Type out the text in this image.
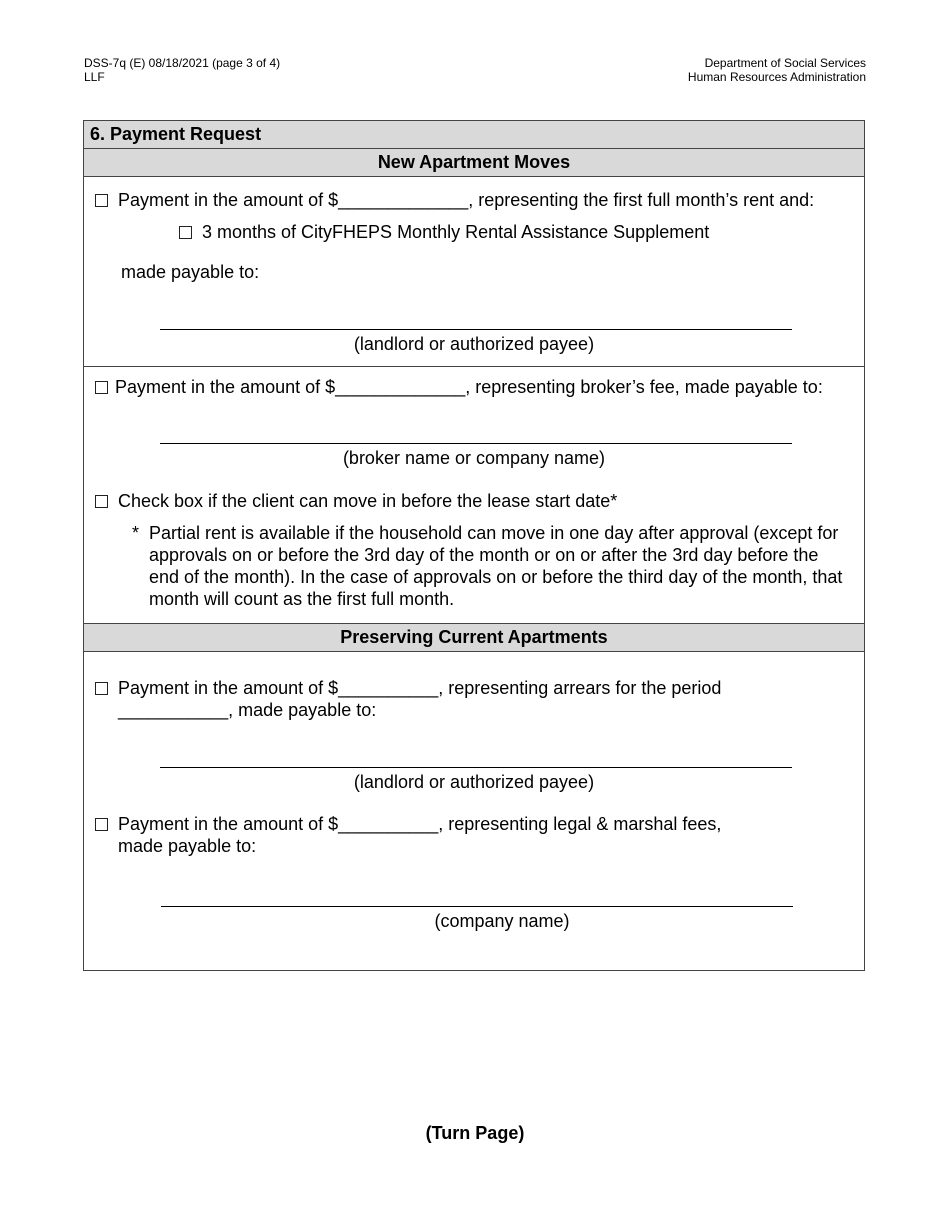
DSS-7q (E) 08/18/2021 (page 3 of 4)
LLF
Department of Social Services
Human Resources Administration
6. Payment Request
New Apartment Moves
Payment in the amount of $_____________, representing the first full month’s rent and:
3 months of CityFHEPS Monthly Rental Assistance Supplement
made payable to:
(landlord or authorized payee)
Payment in the amount of $_____________, representing broker’s fee, made payable to:
(broker name or company name)
Check box if the client can move in before the lease start date*
* Partial rent is available if the household can move in one day after approval (except for approvals on or before the 3rd day of the month or on or after the 3rd day before the end of the month). In the case of approvals on or before the third day of the month, that month will count as the first full month.
Preserving Current Apartments
Payment in the amount of $__________, representing arrears for the period
___________, made payable to:
(landlord or authorized payee)
Payment in the amount of $__________, representing legal & marshal fees,
made payable to:
(company name)
(Turn Page)
